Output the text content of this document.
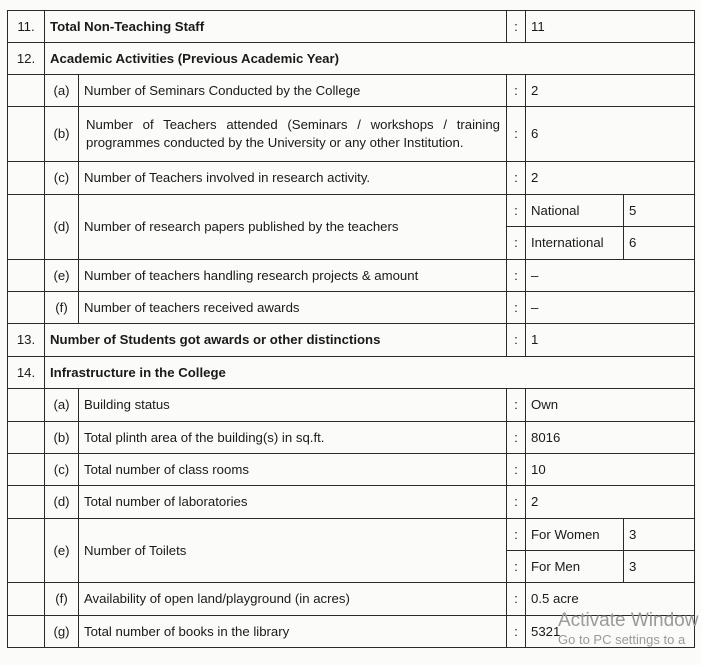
11.	Total Non-Teaching Staff		:	11	
12.	Academic Activities (Previous Academic Year)				
	(a)	Number of Seminars Conducted by the College	:	2	
	(b)	Number of Teachers attended (Seminars / workshops / training programmes conducted by the University or any other Institution.	:	6	
	(c)	Number of Teachers involved in research activity.	:	2	
	(d)	Number of research papers published by the teachers	:	National	5
			:	International	6
	(e)	Number of teachers handling research projects & amount	:	–	
	(f)	Number of teachers received awards	:	–	
13.	Number of Students got awards or other distinctions		:	1	
14.	Infrastructure in the College				
	(a)	Building status	:	Own	
	(b)	Total plinth area of the building(s) in sq.ft.	:	8016	
	(c)	Total number of class rooms	:	10	
	(d)	Total number of laboratories	:	2	
	(e)	Number of Toilets	:	For Women	3
			:	For Men	3
	(f)	Availability of open land/playground (in acres)	:	0.5 acre	
	(g)	Total number of books in the library	:	5321	
Activate Window
Go to PC settings to a
